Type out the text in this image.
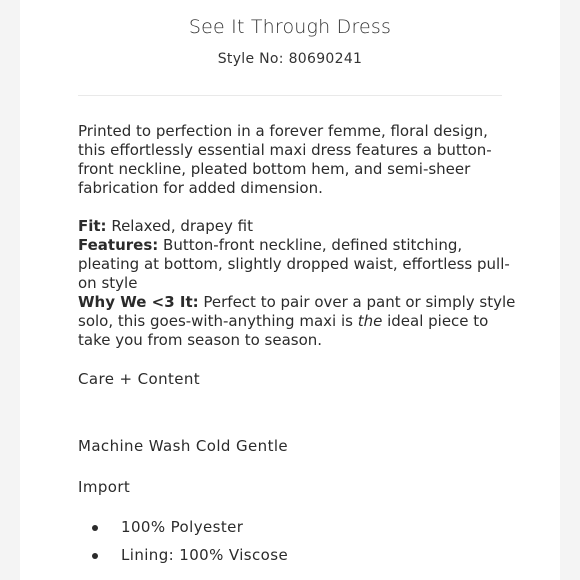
See It Through Dress
Style No: 80690241

Printed to perfection in a forever femme, floral design, this effortlessly essential maxi dress features a button-front neckline, pleated bottom hem, and semi-sheer fabrication for added dimension.

Fit: Relaxed, drapey fit

Features: Button-front neckline, defined stitching, pleating at bottom, slightly dropped waist, effortless pull-on style

Why We <3 It: Perfect to pair over a pant or simply style solo, this goes-with-anything maxi is the ideal piece to take you from season to season.

Care + Content
Machine Wash Cold Gentle
Import
100% Polyester
Lining: 100% Viscose
